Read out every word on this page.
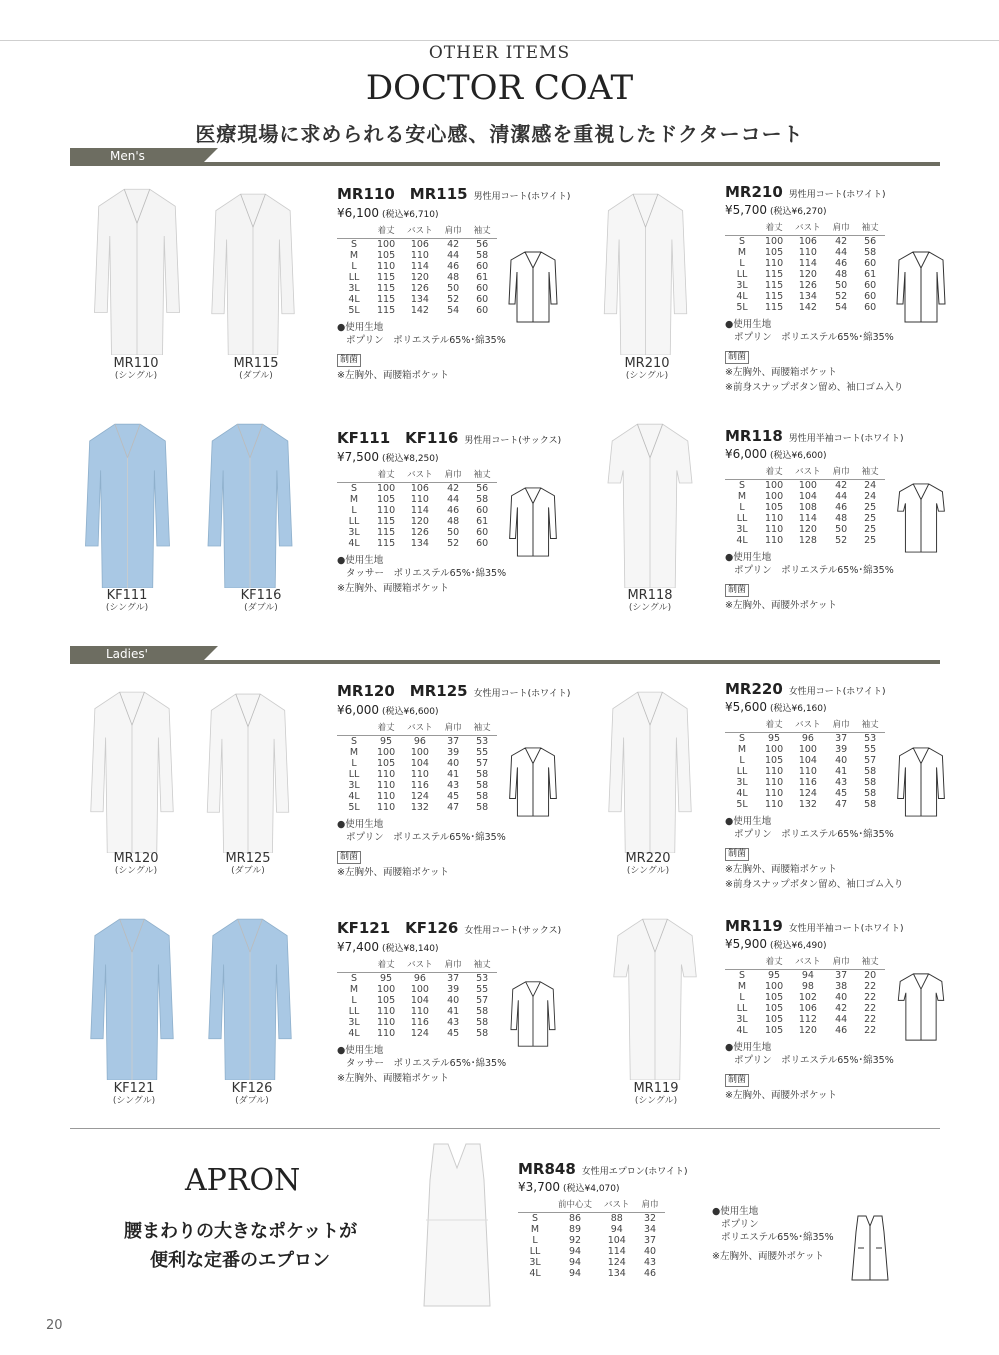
OTHER ITEMS
DOCTOR COAT
医療現場に求められる安心感、清潔感を重視したドクターコート
Men's
Ladies'
MR110
(シングル)
MR115
(ダブル)
MR210
(シングル)
KF111
(シングル)
KF116
(ダブル)
MR118
(シングル)
MR120
(シングル)
MR125
(ダブル)
MR220
(シングル)
KF121
(シングル)
KF126
(ダブル)
MR119
(シングル)
MR110　MR115 男性用コート(ホワイト)
¥6,100 (税込¥6,710)
	着丈	バスト	肩巾	袖丈
S	100	106	42	56
M	105	110	44	58
L	110	114	46	60
LL	115	120	48	61
3L	115	126	50	60
4L	115	134	52	60
5L	115	142	54	60
●使用生地
ポプリン　ポリエステル65%･綿35%
制菌
※左胸外、両腰箱ポケット
MR210 男性用コート(ホワイト)
¥5,700 (税込¥6,270)
	着丈	バスト	肩巾	袖丈
S	100	106	42	56
M	105	110	44	58
L	110	114	46	60
LL	115	120	48	61
3L	115	126	50	60
4L	115	134	52	60
5L	115	142	54	60
●使用生地
ポプリン　ポリエステル65%･綿35%
制菌
※左胸外、両腰箱ポケット
※前身スナップボタン留め、袖口ゴム入り
KF111　KF116 男性用コート(サックス)
¥7,500 (税込¥8,250)
	着丈	バスト	肩巾	袖丈
S	100	106	42	56
M	105	110	44	58
L	110	114	46	60
LL	115	120	48	61
3L	115	126	50	60
4L	115	134	52	60
●使用生地
タッサー　ポリエステル65%･綿35%
※左胸外、両腰箱ポケット
MR118 男性用半袖コート(ホワイト)
¥6,000 (税込¥6,600)
	着丈	バスト	肩巾	袖丈
S	100	100	42	24
M	100	104	44	24
L	105	108	46	25
LL	110	114	48	25
3L	110	120	50	25
4L	110	128	52	25
●使用生地
ポプリン　ポリエステル65%･綿35%
制菌
※左胸外、両腰外ポケット
MR120　MR125 女性用コート(ホワイト)
¥6,000 (税込¥6,600)
	着丈	バスト	肩巾	袖丈
S	95	96	37	53
M	100	100	39	55
L	105	104	40	57
LL	110	110	41	58
3L	110	116	43	58
4L	110	124	45	58
5L	110	132	47	58
●使用生地
ポプリン　ポリエステル65%･綿35%
制菌
※左胸外、両腰箱ポケット
MR220 女性用コート(ホワイト)
¥5,600 (税込¥6,160)
	着丈	バスト	肩巾	袖丈
S	95	96	37	53
M	100	100	39	55
L	105	104	40	57
LL	110	110	41	58
3L	110	116	43	58
4L	110	124	45	58
5L	110	132	47	58
●使用生地
ポプリン　ポリエステル65%･綿35%
制菌
※左胸外、両腰箱ポケット
※前身スナップボタン留め、袖口ゴム入り
KF121　KF126 女性用コート(サックス)
¥7,400 (税込¥8,140)
	着丈	バスト	肩巾	袖丈
S	95	96	37	53
M	100	100	39	55
L	105	104	40	57
LL	110	110	41	58
3L	110	116	43	58
4L	110	124	45	58
●使用生地
タッサー　ポリエステル65%･綿35%
※左胸外、両腰箱ポケット
MR119 女性用半袖コート(ホワイト)
¥5,900 (税込¥6,490)
	着丈	バスト	肩巾	袖丈
S	95	94	37	20
M	100	98	38	22
L	105	102	40	22
LL	105	106	42	22
3L	105	112	44	22
4L	105	120	46	22
●使用生地
ポプリン　ポリエステル65%･綿35%
制菌
※左胸外、両腰外ポケット
APRON
腰まわりの大きなポケットが
便利な定番のエプロン
MR848 女性用エプロン(ホワイト)
¥3,700 (税込¥4,070)
	前中心丈	バスト	肩巾
S	86	88	32
M	89	94	34
L	92	104	37
LL	94	114	40
3L	94	124	43
4L	94	134	46
●使用生地
ポプリン
ポリエステル65%･綿35%
※左胸外、両腰外ポケット
20
